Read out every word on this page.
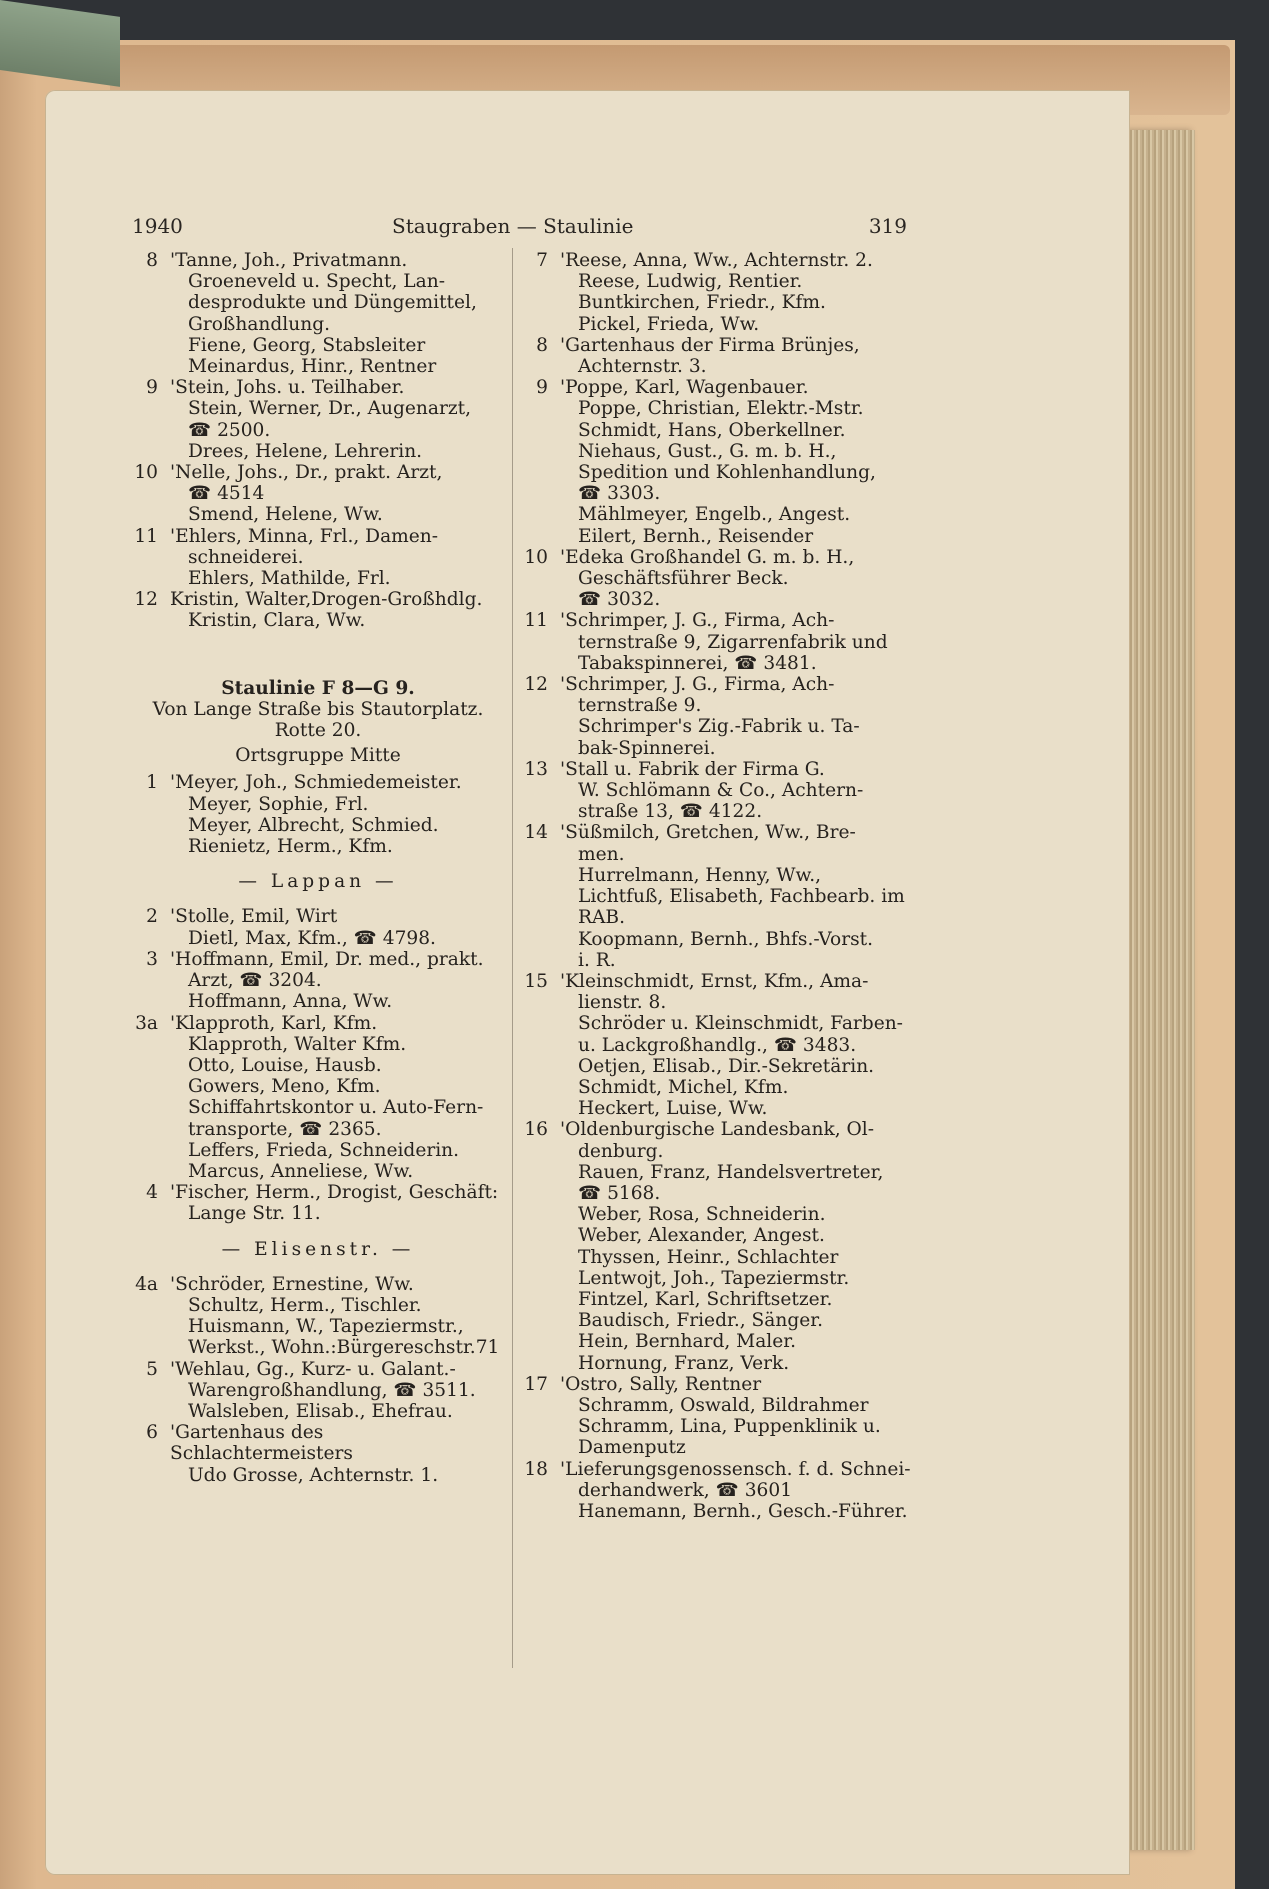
1940	Staugraben — Staulinie	319
8 'Tanne, Joh., Privatmann.
Groeneveld u. Specht, Lan-
desprodukte und Düngemittel,
Großhandlung.
Fiene, Georg, Stabsleiter
Meinardus, Hinr., Rentner
9 'Stein, Johs. u. Teilhaber.
Stein, Werner, Dr., Augenarzt,
☎ 2500.
Drees, Helene, Lehrerin.
10 'Nelle, Johs., Dr., prakt. Arzt,
☎ 4514
Smend, Helene, Ww.
11 'Ehlers, Minna, Frl., Damen-
schneiderei.
Ehlers, Mathilde, Frl.
12 Kristin, Walter,Drogen-Großhdlg.
Kristin, Clara, Ww.
Staulinie F 8—G 9.
Von Lange Straße bis Stautorplatz.
Rotte 20.
Ortsgruppe Mitte
1 'Meyer, Joh., Schmiedemeister.
Meyer, Sophie, Frl.
Meyer, Albrecht, Schmied.
Rienietz, Herm., Kfm.
— Lappan —
2 'Stolle, Emil, Wirt
Dietl, Max, Kfm., ☎ 4798.
3 'Hoffmann, Emil, Dr. med., prakt.
Arzt, ☎ 3204.
Hoffmann, Anna, Ww.
3a 'Klapproth, Karl, Kfm.
Klapproth, Walter Kfm.
Otto, Louise, Hausb.
Gowers, Meno, Kfm.
Schiffahrtskontor u. Auto-Fern-
transporte, ☎ 2365.
Leffers, Frieda, Schneiderin.
Marcus, Anneliese, Ww.
4 'Fischer, Herm., Drogist, Geschäft:
Lange Str. 11.
— Elisenstr. —
4a 'Schröder, Ernestine, Ww.
Schultz, Herm., Tischler.
Huismann, W., Tapeziermstr.,
Werkst., Wohn.:Bürgereschstr.71
5 'Wehlau, Gg., Kurz- u. Galant.-
Warengroßhandlung, ☎ 3511.
Walsleben, Elisab., Ehefrau.
6 'Gartenhaus des Schlachtermeisters
Udo Grosse, Achternstr. 1.
7 'Reese, Anna, Ww., Achternstr. 2.
Reese, Ludwig, Rentier.
Buntkirchen, Friedr., Kfm.
Pickel, Frieda, Ww.
8 'Gartenhaus der Firma Brünjes,
Achternstr. 3.
9 'Poppe, Karl, Wagenbauer.
Poppe, Christian, Elektr.-Mstr.
Schmidt, Hans, Oberkellner.
Niehaus, Gust., G. m. b. H.,
Spedition und Kohlenhandlung,
☎ 3303.
Mählmeyer, Engelb., Angest.
Eilert, Bernh., Reisender
10 'Edeka Großhandel G. m. b. H.,
Geschäftsführer Beck.
☎ 3032.
11 'Schrimper, J. G., Firma, Ach-
ternstraße 9, Zigarrenfabrik und
Tabakspinnerei, ☎ 3481.
12 'Schrimper, J. G., Firma, Ach-
ternstraße 9.
Schrimper's Zig.-Fabrik u. Ta-
bak-Spinnerei.
13 'Stall u. Fabrik der Firma G.
W. Schlömann & Co., Achtern-
straße 13, ☎ 4122.
14 'Süßmilch, Gretchen, Ww., Bre-
men.
Hurrelmann, Henny, Ww.,
Lichtfuß, Elisabeth, Fachbearb. im
RAB.
Koopmann, Bernh., Bhfs.-Vorst.
i. R.
15 'Kleinschmidt, Ernst, Kfm., Ama-
lienstr. 8.
Schröder u. Kleinschmidt, Farben-
u. Lackgroßhandlg., ☎ 3483.
Oetjen, Elisab., Dir.-Sekretärin.
Schmidt, Michel, Kfm.
Heckert, Luise, Ww.
16 'Oldenburgische Landesbank, Ol-
denburg.
Rauen, Franz, Handelsvertreter,
☎ 5168.
Weber, Rosa, Schneiderin.
Weber, Alexander, Angest.
Thyssen, Heinr., Schlachter
Lentwojt, Joh., Tapeziermstr.
Fintzel, Karl, Schriftsetzer.
Baudisch, Friedr., Sänger.
Hein, Bernhard, Maler.
Hornung, Franz, Verk.
17 'Ostro, Sally, Rentner
Schramm, Oswald, Bildrahmer
Schramm, Lina, Puppenklinik u.
Damenputz
18 'Lieferungsgenossensch. f. d. Schnei-
derhandwerk, ☎ 3601
Hanemann, Bernh., Gesch.-Führer.
